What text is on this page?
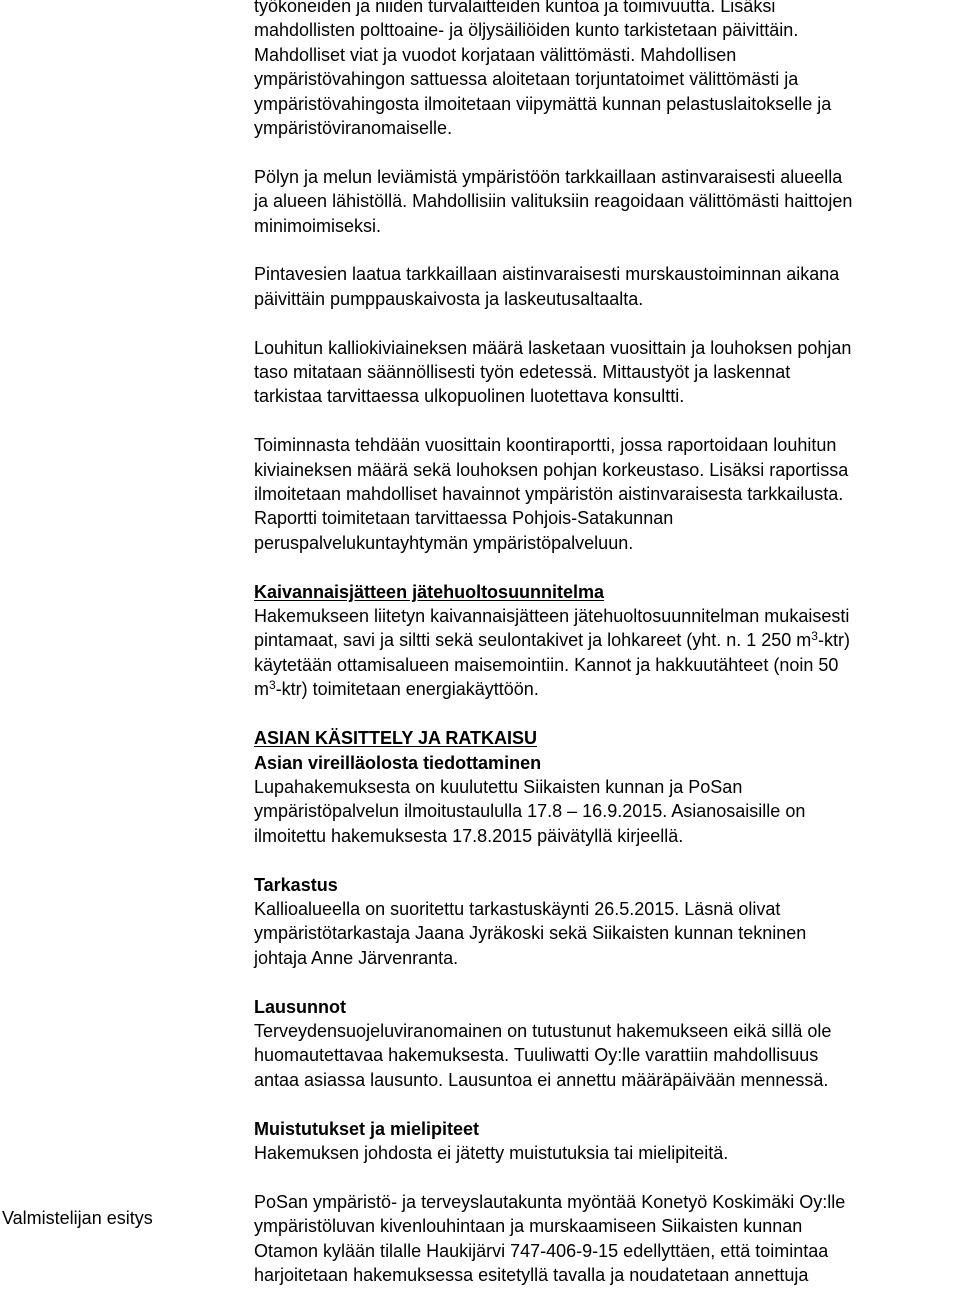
työkoneiden ja niiden turvalaitteiden kuntoa ja toimivuutta. Lisäksi
mahdollisten polttoaine- ja öljysäiliöiden kunto tarkistetaan päivittäin.
Mahdolliset viat ja vuodot korjataan välittömästi. Mahdollisen
ympäristövahingon sattuessa aloitetaan torjuntatoimet välittömästi ja
ympäristövahingosta ilmoitetaan viipymättä kunnan pelastuslaitokselle ja
ympäristöviranomaiselle.
Pölyn ja melun leviämistä ympäristöön tarkkaillaan astinvaraisesti alueella
ja alueen lähistöllä. Mahdollisiin valituksiin reagoidaan välittömästi haittojen
minimoimiseksi.
Pintavesien laatua tarkkaillaan aistinvaraisesti murskaustoiminnan aikana
päivittäin pumppauskaivosta ja laskeutusaltaalta.
Louhitun kalliokiviaineksen määrä lasketaan vuosittain ja louhoksen pohjan
taso mitataan säännöllisesti työn edetessä. Mittaustyöt ja laskennat
tarkistaa tarvittaessa ulkopuolinen luotettava konsultti.
Toiminnasta tehdään vuosittain koontiraportti, jossa raportoidaan louhitun
kiviaineksen määrä sekä louhoksen pohjan korkeustaso. Lisäksi raportissa
ilmoitetaan mahdolliset havainnot ympäristön aistinvaraisesta tarkkailusta.
Raportti toimitetaan tarvittaessa Pohjois-Satakunnan
peruspalvelukuntayhtymän ympäristöpalveluun.
Kaivannaisjätteen jätehuoltosuunnitelma
Hakemukseen liitetyn kaivannaisjätteen jätehuoltosuunnitelman mukaisesti
pintamaat, savi ja siltti sekä seulontakivet ja lohkareet (yht. n. 1 250 $m^3-ktr$)
käytetään ottamisalueen maisemointiin. Kannot ja hakkuutähteet (noin 50
$m^3-ktr$) toimitetaan energiakäyttöön.
ASIAN KÄSITTELY JA RATKAISU
Asian vireilläolosta tiedottaminen
Lupahakemuksesta on kuulutettu Siikaisten kunnan ja PoSan
ympäristöpalvelun ilmoitustaululla 17.8 – 16.9.2015. Asianosaisille on
ilmoitettu hakemuksesta 17.8.2015 päivätyllä kirjeellä.
Tarkastus
Kallioalueella on suoritettu tarkastuskäynti 26.5.2015. Läsnä olivat
ympäristötarkastaja Jaana Jyräkoski sekä Siikaisten kunnan tekninen
johtaja Anne Järvenranta.
Lausunnot
Terveydensuojeluviranomainen on tutustunut hakemukseen eikä sillä ole
huomautettavaa hakemuksesta. Tuuliwatti Oy:lle varattiin mahdollisuus
antaa asiassa lausunto. Lausuntoa ei annettu määräpäivään mennessä.
Muistutukset ja mielipiteet
Hakemuksen johdosta ei jätetty muistutuksia tai mielipiteitä.
PoSan ympäristö- ja terveyslautakunta myöntää Konetyö Koskimäki Oy:lle
ympäristöluvan kivenlouhintaan ja murskaamiseen Siikaisten kunnan
Otamon kylään tilalle Haukijärvi 747-406-9-15 edellyttäen, että toimintaa
harjoitetaan hakemuksessa esitetyllä tavalla ja noudatetaan annettuja
Valmistelijan esitys
